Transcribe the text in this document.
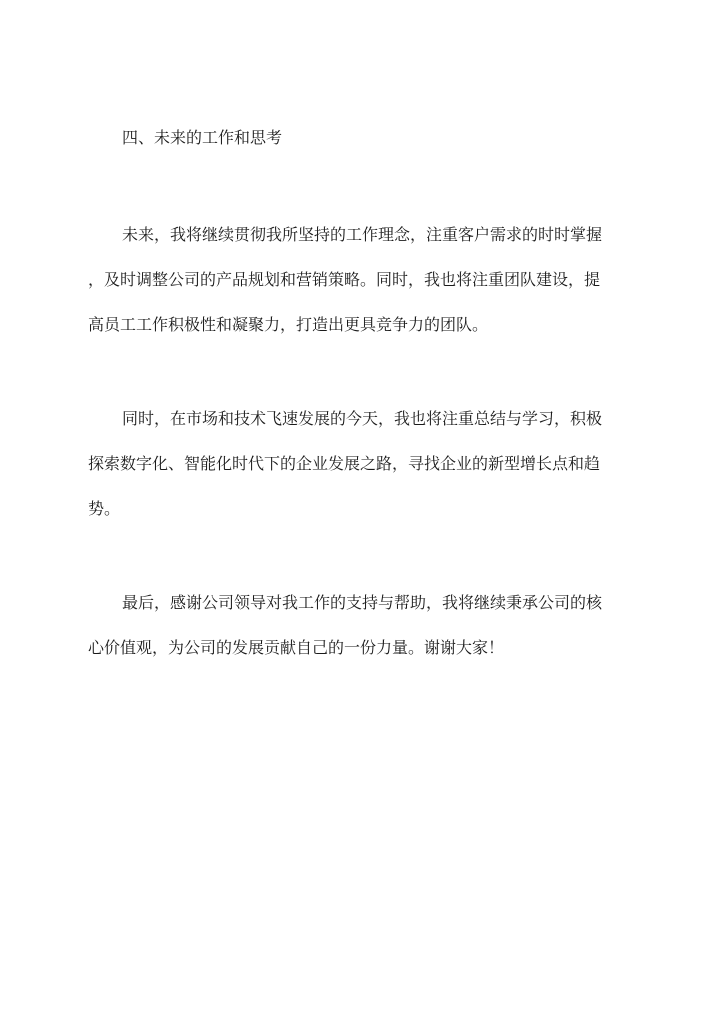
四、未来的工作和思考
未来，我将继续贯彻我所坚持的工作理念，注重客户需求的时时掌握
，及时调整公司的产品规划和营销策略。同时，我也将注重团队建设，提
高员工工作积极性和凝聚力，打造出更具竞争力的团队。
同时，在市场和技术飞速发展的今天，我也将注重总结与学习，积极
探索数字化、智能化时代下的企业发展之路，寻找企业的新型增长点和趋
势。
最后，感谢公司领导对我工作的支持与帮助，我将继续秉承公司的核
心价值观，为公司的发展贡献自己的一份力量。谢谢大家！
